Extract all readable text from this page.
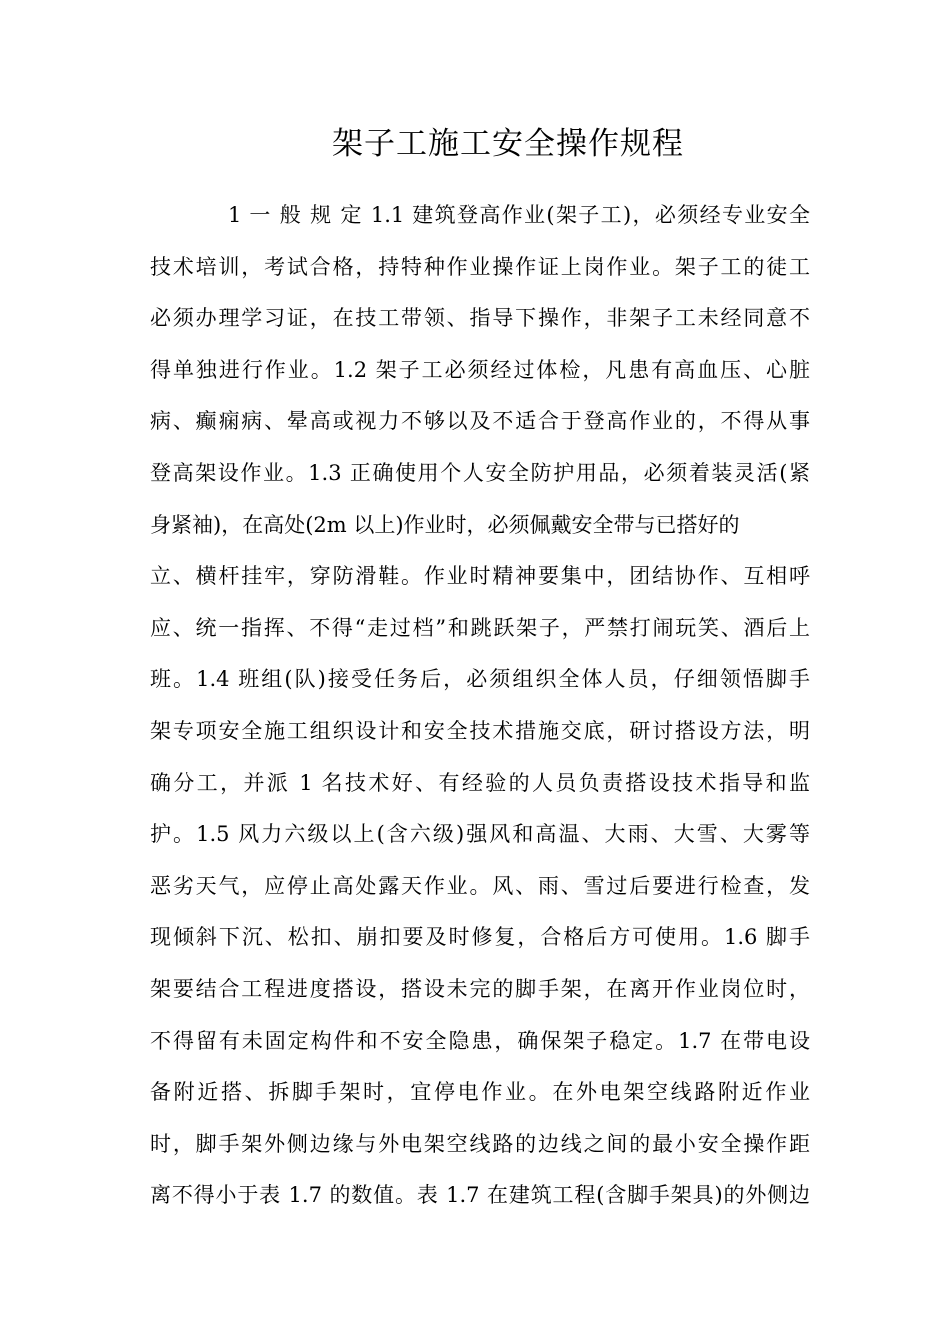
架子工施工安全操作规程
1 一 般 规 定 1.1 建筑登高作业(架子工)，必须经专业安全
技术培训，考试合格，持特种作业操作证上岗作业。架子工的徒工
必须办理学习证，在技工带领、指导下操作，非架子工未经同意不
得单独进行作业。1.2 架子工必须经过体检，凡患有高血压、心脏
病、癫痫病、晕高或视力不够以及不适合于登高作业的，不得从事
登高架设作业。1.3 正确使用个人安全防护用品，必须着装灵活(紧
身紧袖)，在高处(2m 以上)作业时，必须佩戴安全带与已搭好的
立、横杆挂牢，穿防滑鞋。作业时精神要集中，团结协作、互相呼
应、统一指挥、不得“走过档”和跳跃架子，严禁打闹玩笑、酒后上
班。1.4 班组(队)接受任务后，必须组织全体人员，仔细领悟脚手
架专项安全施工组织设计和安全技术措施交底，研讨搭设方法，明
确分工，并派 1 名技术好、有经验的人员负责搭设技术指导和监
护。1.5 风力六级以上(含六级)强风和高温、大雨、大雪、大雾等
恶劣天气，应停止高处露天作业。风、雨、雪过后要进行检查，发
现倾斜下沉、松扣、崩扣要及时修复，合格后方可使用。1.6 脚手
架要结合工程进度搭设，搭设未完的脚手架，在离开作业岗位时，
不得留有未固定构件和不安全隐患，确保架子稳定。1.7 在带电设
备附近搭、拆脚手架时，宜停电作业。在外电架空线路附近作业
时，脚手架外侧边缘与外电架空线路的边线之间的最小安全操作距
离不得小于表 1.7 的数值。表 1.7 在建筑工程(含脚手架具)的外侧边
